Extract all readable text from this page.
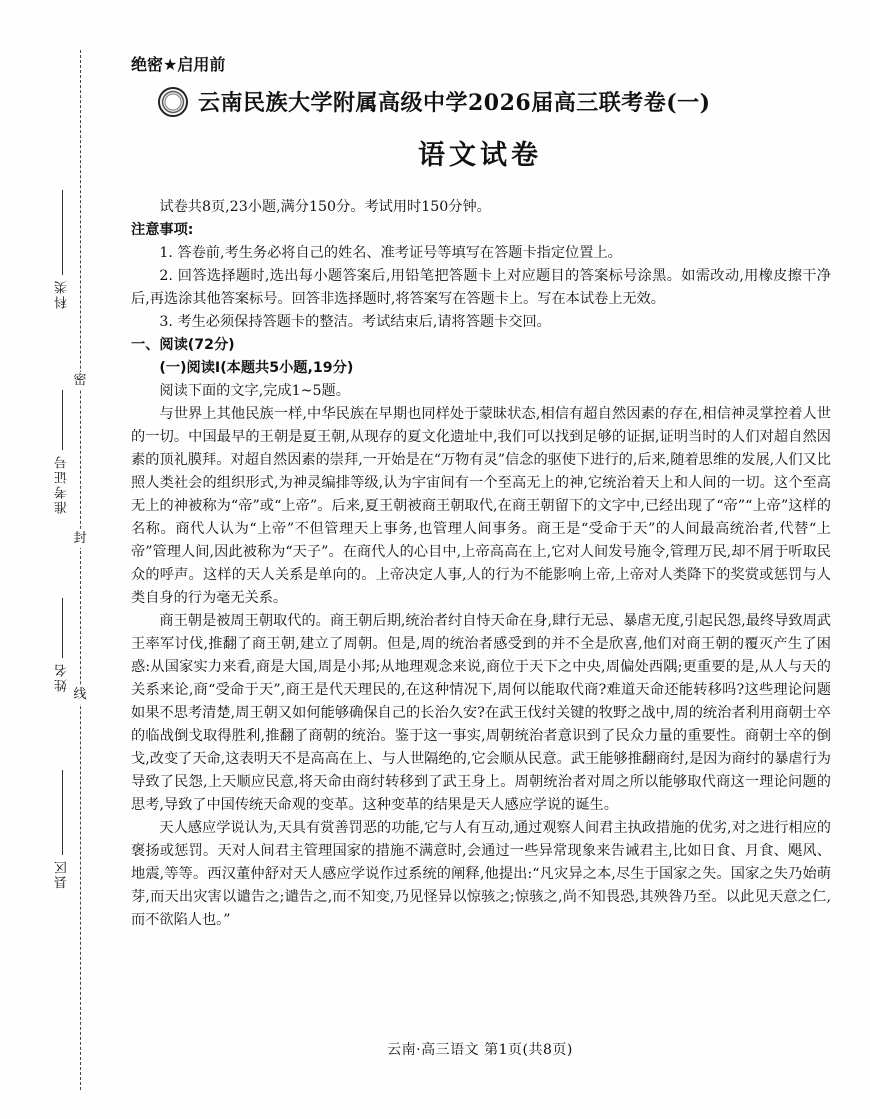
密
封
线
科类
准考证号
姓名
县区
绝密★启用前
云南民族大学附属高级中学2026届高三联考卷(一)
语文试卷

试卷共8页,23小题,满分150分。考试用时150分钟。

注意事项:

1. 答卷前,考生务必将自己的姓名、准考证号等填写在答题卡指定位置上。

2. 回答选择题时,选出每小题答案后,用铅笔把答题卡上对应题目的答案标号涂黑。如需改动,用橡皮擦干净后,再选涂其他答案标号。回答非选择题时,将答案写在答题卡上。写在本试卷上无效。

3. 考生必须保持答题卡的整洁。考试结束后,请将答题卡交回。

一、阅读(72分)

(一)阅读Ⅰ(本题共5小题,19分)

阅读下面的文字,完成1~5题。

与世界上其他民族一样,中华民族在早期也同样处于蒙昧状态,相信有超自然因素的存在,相信神灵掌控着人世的一切。中国最早的王朝是夏王朝,从现存的夏文化遗址中,我们可以找到足够的证据,证明当时的人们对超自然因素的顶礼膜拜。对超自然因素的崇拜,一开始是在“万物有灵”信念的驱使下进行的,后来,随着思维的发展,人们又比照人类社会的组织形式,为神灵编排等级,认为宇宙间有一个至高无上的神,它统治着天上和人间的一切。这个至高无上的神被称为“帝”或“上帝”。后来,夏王朝被商王朝取代,在商王朝留下的文字中,已经出现了“帝”“上帝”这样的名称。商代人认为“上帝”不但管理天上事务,也管理人间事务。商王是“受命于天”的人间最高统治者,代替“上帝”管理人间,因此被称为“天子”。在商代人的心目中,上帝高高在上,它对人间发号施令,管理万民,却不屑于听取民众的呼声。这样的天人关系是单向的。上帝决定人事,人的行为不能影响上帝,上帝对人类降下的奖赏或惩罚与人类自身的行为毫无关系。

商王朝是被周王朝取代的。商王朝后期,统治者纣自恃天命在身,肆行无忌、暴虐无度,引起民怨,最终导致周武王率军讨伐,推翻了商王朝,建立了周朝。但是,周的统治者感受到的并不全是欣喜,他们对商王朝的覆灭产生了困惑:从国家实力来看,商是大国,周是小邦;从地理观念来说,商位于天下之中央,周偏处西隅;更重要的是,从人与天的关系来论,商“受命于天”,商王是代天理民的,在这种情况下,周何以能取代商?难道天命还能转移吗?这些理论问题如果不思考清楚,周王朝又如何能够确保自己的长治久安?在武王伐纣关键的牧野之战中,周的统治者利用商朝士卒的临战倒戈取得胜利,推翻了商朝的统治。鉴于这一事实,周朝统治者意识到了民众力量的重要性。商朝士卒的倒戈,改变了天命,这表明天不是高高在上、与人世隔绝的,它会顺从民意。武王能够推翻商纣,是因为商纣的暴虐行为导致了民怨,上天顺应民意,将天命由商纣转移到了武王身上。周朝统治者对周之所以能够取代商这一理论问题的思考,导致了中国传统天命观的变革。这种变革的结果是天人感应学说的诞生。

天人感应学说认为,天具有赏善罚恶的功能,它与人有互动,通过观察人间君主执政措施的优劣,对之进行相应的褒扬或惩罚。天对人间君主管理国家的措施不满意时,会通过一些异常现象来告诫君主,比如日食、月食、飓风、地震,等等。西汉董仲舒对天人感应学说作过系统的阐释,他提出:“凡灾异之本,尽生于国家之失。国家之失乃始萌芽,而天出灾害以谴告之;谴告之,而不知变,乃见怪异以惊骇之;惊骇之,尚不知畏恐,其殃咎乃至。以此见天意之仁,而不欲陷人也。”

云南·高三语文 第1页(共8页)
